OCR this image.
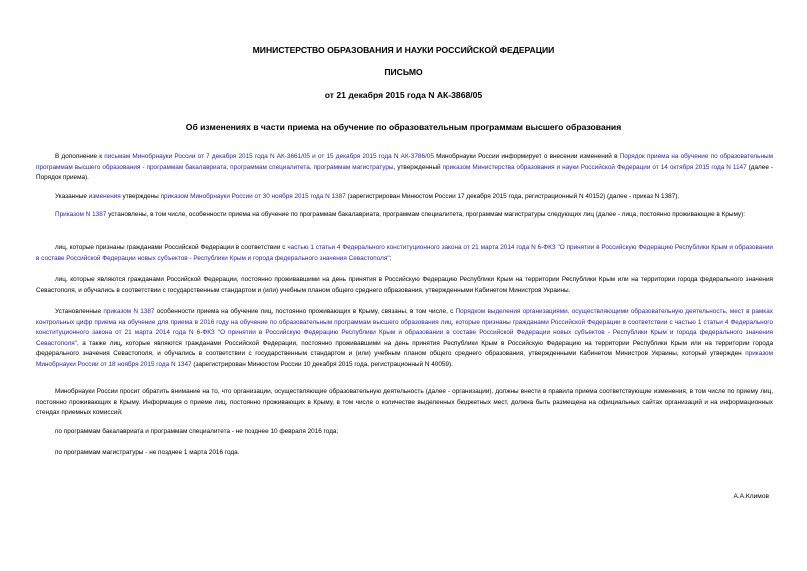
МИНИСТЕРСТВО ОБРАЗОВАНИЯ И НАУКИ РОССИЙСКОЙ ФЕДЕРАЦИИ
ПИСЬМО
от 21 декабря 2015 года N АК-3868/05
Об изменениях в части приема на обучение по образовательным программам высшего образования

В дополнение к письмам Минобрнауки России от 7 декабря 2015 года N АК-3661/05 и от 15 декабря 2015 года N АК-3786/05 Минобрнауки России информирует о внесении изменений в Порядок приема на обучение по образовательным программам высшего образования - программам бакалавриата, программам специалитета, программам магистратуры, утвержденный приказом Министерства образования и науки Российской Федерации от 14 октября 2015 года N 1147 (далее - Порядок приема).

Указанные изменения утверждены приказом Минобрнауки России от 30 ноября 2015 года N 1387 (зарегистрирован Минюстом России 17 декабря 2015 года, регистрационный N 40152) (далее - приказ N 1387).

Приказом N 1387 установлены, в том числе, особенности приема на обучение по программам бакалавриата, программам специалитета, программам магистратуры следующих лиц (далее - лица, постоянно проживающие в Крыму):

лиц, которые признаны гражданами Российской Федерации в соответствии с частью 1 статьи 4 Федерального конституционного закона от 21 марта 2014 года N 6-ФКЗ "О принятии в Российскую Федерацию Республики Крым и образовании в составе Российской Федерации новых субъектов - Республики Крым и города федерального значения Севастополя";

лиц, которые являются гражданами Российской Федерации, постоянно проживавшими на день принятия в Российскую Федерацию Республики Крым на территории Республики Крым или на территории города федерального значения Севастополя, и обучались в соответствии с государственным стандартом и (или) учебным планом общего среднего образования, утвержденными Кабинетом Министров Украины.

Установленные приказом N 1387 особенности приема на обучение лиц, постоянно проживающих в Крыму, связаны, в том числе, с Порядком выделения организациями, осуществляющими образовательную деятельность, мест в рамках контрольных цифр приема на обучение для приема в 2016 году на обучение по образовательным программам высшего образования лиц, которые признаны гражданами Российской Федерации в соответствии с частью 1 статьи 4 Федерального конституционного закона от 21 марта 2014 года N 6-ФКЗ "О принятии в Российскую Федерацию Республики Крым и образовании в составе Российской Федерации новых субъектов - Республики Крым и города федерального значения Севастополя", а также лиц, которые являются гражданами Российской Федерации, постоянно проживавшими на день принятия Республики Крым в Российскую Федерацию на территории Республики Крым или на территории города федерального значения Севастополя, и обучались в соответствии с государственным стандартом и (или) учебным планом общего среднего образования, утвержденными Кабинетом Министров Украины, который утвержден приказом Минобрнауки России от 18 ноября 2015 года N 1347 (зарегистрирован Минюстом России 10 декабря 2015 года, регистрационный N 40059).

Минобрнауки России просит обратить внимание на то, что организации, осуществляющие образовательную деятельность (далее - организации), должны внести в правила приема соответствующие изменения, в том числе по приему лиц, постоянно проживающих в Крыму. Информация о приеме лиц, постоянно проживающих в Крыму, в том числе о количестве выделенных бюджетных мест, должна быть размещена на официальных сайтах организаций и на информационных стендах приемных комиссий:

по программам бакалавриата и программам специалитета - не позднее 10 февраля 2016 года;

по программам магистратуры - не позднее 1 марта 2016 года.

А.А.Климов
